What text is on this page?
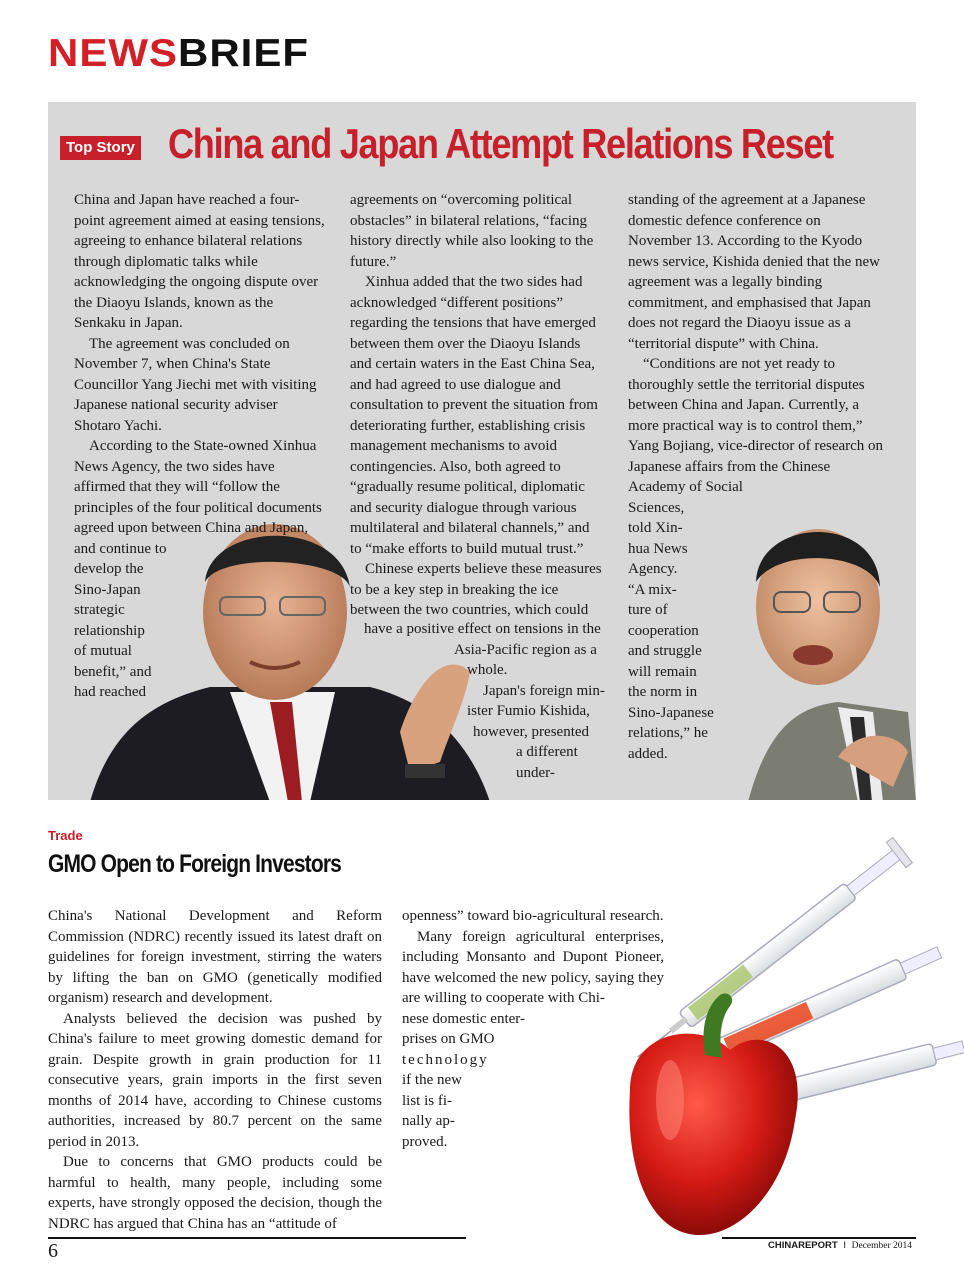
NEWSBRIEF
Top Story China and Japan Attempt Relations Reset

China and Japan have reached a four-point agreement aimed at easing tensions, agreeing to enhance bilateral relations through diplomatic talks while acknowledging the ongoing dispute over the Diaoyu Islands, known as the Senkaku in Japan.

The agreement was concluded on November 7, when China's State Councillor Yang Jiechi met with visiting Japanese national security adviser Shotaro Yachi.

According to the State-owned Xinhua News Agency, the two sides have affirmed that they will “follow the principles of the four political documents agreed upon between China and Japan,

and continue to
develop the
Sino-Japan
strategic
relationship
of mutual
benefit,” and
had reached

agreements on “overcoming political obstacles” in bilateral relations, “facing history directly while also looking to the future.”

Xinhua added that the two sides had acknowledged “different positions” regarding the tensions that have emerged between them over the Diaoyu Islands and certain waters in the East China Sea, and had agreed to use dialogue and consultation to prevent the situation from deteriorating further, establishing crisis management mechanisms to avoid contingencies. Also, both agreed to “gradually resume political, diplomatic and security dialogue through various multilateral and bilateral channels,” and to “make efforts to build mutual trust.”

Chinese experts believe these measures to be a key step in breaking the ice between the two countries, which could

have a positive effect on tensions in the
Asia-Pacific region as a
whole.
Japan's foreign min-
ister Fumio Kishida,
however, presented
a different under-

standing of the agreement at a Japanese domestic defence conference on November 13. According to the Kyodo news service, Kishida denied that the new agreement was a legally binding commitment, and emphasised that Japan does not regard the Diaoyu issue as a “territorial dispute” with China.

“Conditions are not yet ready to thoroughly settle the territorial disputes between China and Japan. Currently, a more practical way is to control them,” Yang Bojiang, vice-director of research on Japanese affairs from the Chinese Academy of Social

Sciences,
told Xin-
hua News
Agency.
“A mix-
ture of
cooperation
and struggle
will remain
the norm in
Sino-Japanese
relations,” he
added.
Trade
GMO Open to Foreign Investors

China's National Development and Reform Commission (NDRC) recently issued its latest draft on guidelines for foreign investment, stirring the waters by lifting the ban on GMO (genetically modified organism) research and development.

Analysts believed the decision was pushed by China's failure to meet growing domestic demand for grain. Despite growth in grain production for 11 consecutive years, grain imports in the first seven months of 2014 have, according to Chinese customs authorities, increased by 80.7 percent on the same period in 2013.

Due to concerns that GMO products could be harmful to health, many people, including some experts, have strongly opposed the decision, though the NDRC has argued that China has an “attitude of

openness” toward bio-agricultural research.

Many foreign agricultural enterprises, including Monsanto and Dupont Pioneer, have welcomed the new policy, saying they are willing to cooperate with Chi-

nese domestic enter-
prises on GMO
technology
if the new
list is fi-
nally ap-
proved.
6	CHINAREPORT I December 2014
